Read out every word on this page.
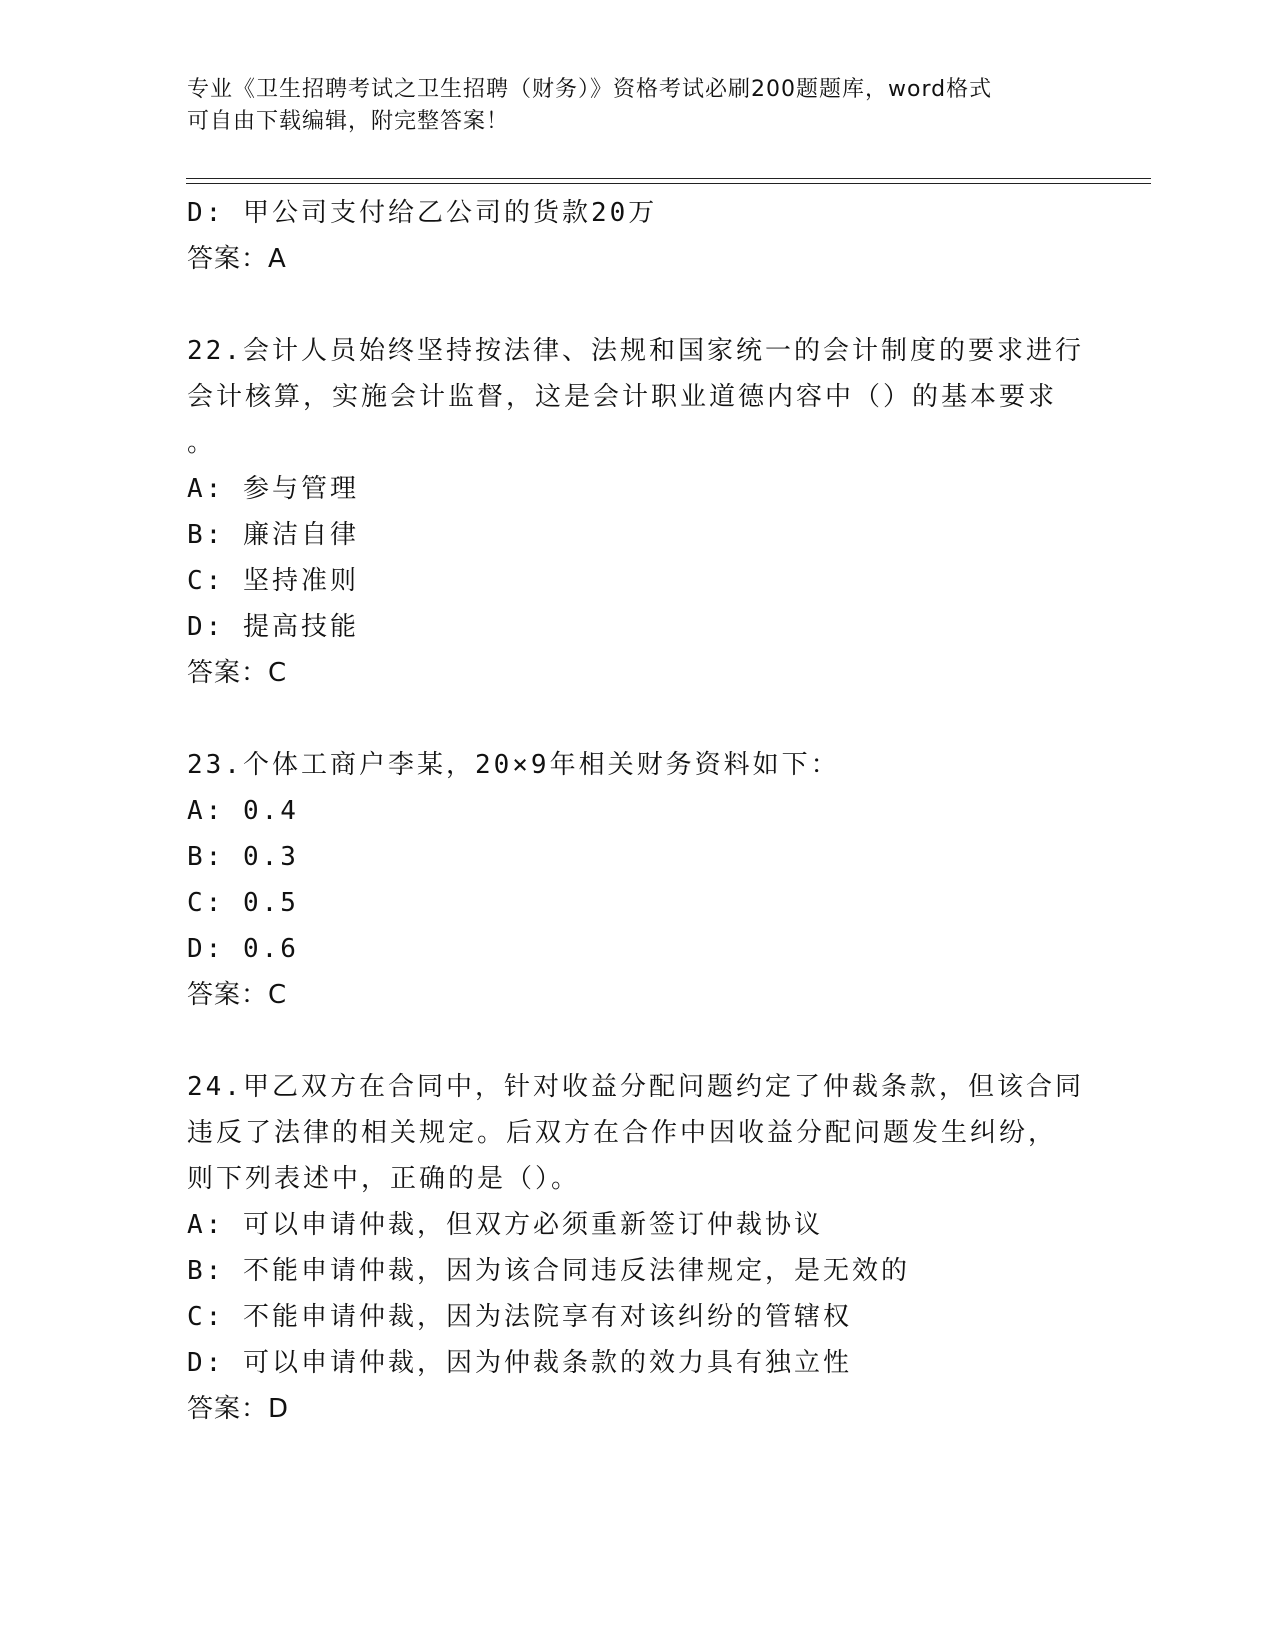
专业《卫生招聘考试之卫生招聘（财务）》资格考试必刷200题题库，word格式
可自由下载编辑，附完整答案！
D: 甲公司支付给乙公司的货款20万
答案：A
22.会计人员始终坚持按法律、法规和国家统一的会计制度的要求进行
会计核算，实施会计监督，这是会计职业道德内容中（）的基本要求
。
A: 参与管理
B: 廉洁自律
C: 坚持准则
D: 提高技能
答案：C
23.个体工商户李某，20×9年相关财务资料如下：
A: 0.4
B: 0.3
C: 0.5
D: 0.6
答案：C
24.甲乙双方在合同中，针对收益分配问题约定了仲裁条款，但该合同
违反了法律的相关规定。后双方在合作中因收益分配问题发生纠纷，
则下列表述中，正确的是（）。
A: 可以申请仲裁，但双方必须重新签订仲裁协议
B: 不能申请仲裁，因为该合同违反法律规定，是无效的
C: 不能申请仲裁，因为法院享有对该纠纷的管辖权
D: 可以申请仲裁，因为仲裁条款的效力具有独立性
答案：D
